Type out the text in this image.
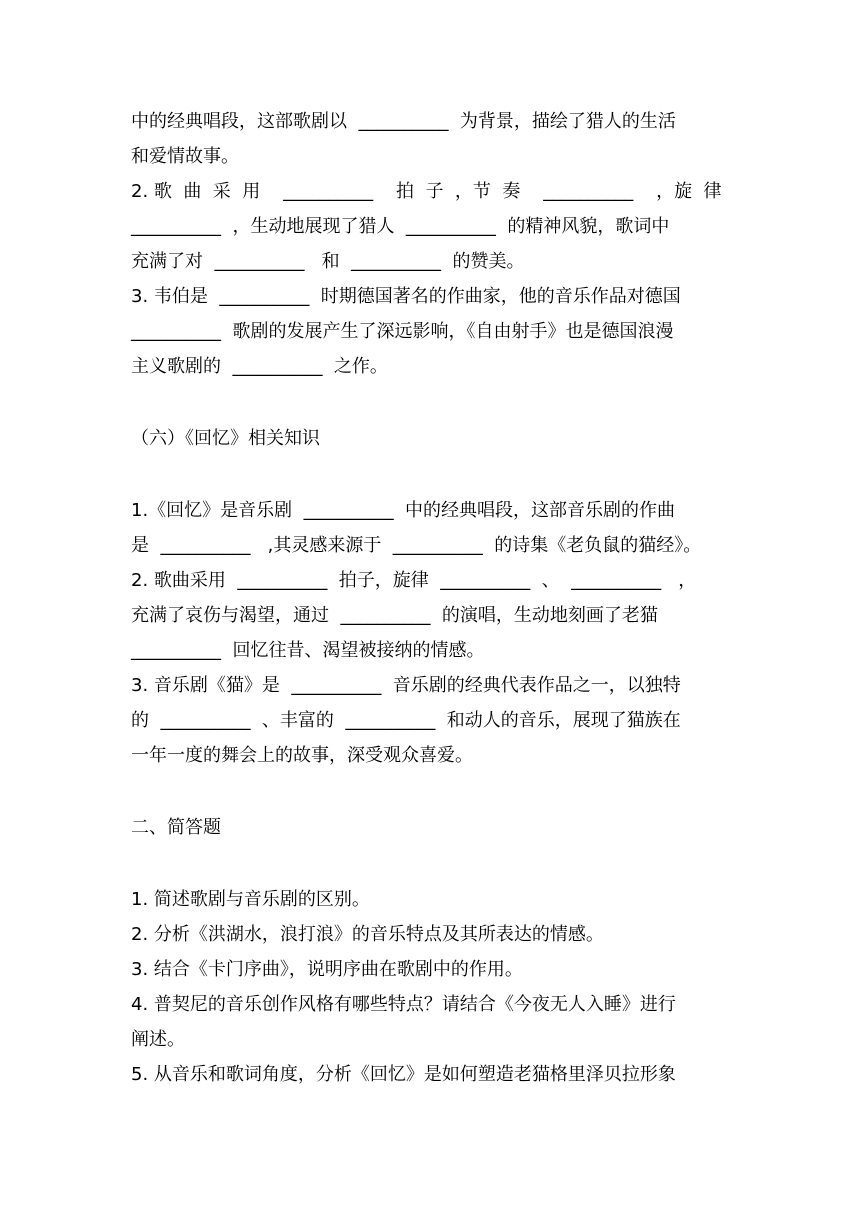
中的经典唱段，这部歌剧以  __________  为背景，描绘了猎人的生活
和爱情故事。
2. 歌  曲  采  用    __________    拍  子  ，节  奏    __________    ，旋  律
__________  ，生动地展现了猎人  __________  的精神风貌，歌词中
充满了对  __________   和  __________  的赞美。
3. 韦伯是  __________  时期德国著名的作曲家，他的音乐作品对德国
__________  歌剧的发展产生了深远影响，《自由射手》也是德国浪漫
主义歌剧的  __________  之作。
（六）《回忆》相关知识
1.《回忆》是音乐剧  __________  中的经典唱段，这部音乐剧的作曲
是  __________   ,其灵感来源于  __________  的诗集《老负鼠的猫经》。
2. 歌曲采用  __________  拍子，旋律  __________  、  __________   ，
充满了哀伤与渴望，通过  __________  的演唱，生动地刻画了老猫
__________  回忆往昔、渴望被接纳的情感。
3. 音乐剧《猫》是  __________  音乐剧的经典代表作品之一，以独特
的  __________  、丰富的  __________  和动人的音乐，展现了猫族在
一年一度的舞会上的故事，深受观众喜爱。
二、简答题
1. 简述歌剧与音乐剧的区别。
2. 分析《洪湖水，浪打浪》的音乐特点及其所表达的情感。
3. 结合《卡门序曲》，说明序曲在歌剧中的作用。
4. 普契尼的音乐创作风格有哪些特点？请结合《今夜无人入睡》进行
阐述。
5. 从音乐和歌词角度，分析《回忆》是如何塑造老猫格里泽贝拉形象
